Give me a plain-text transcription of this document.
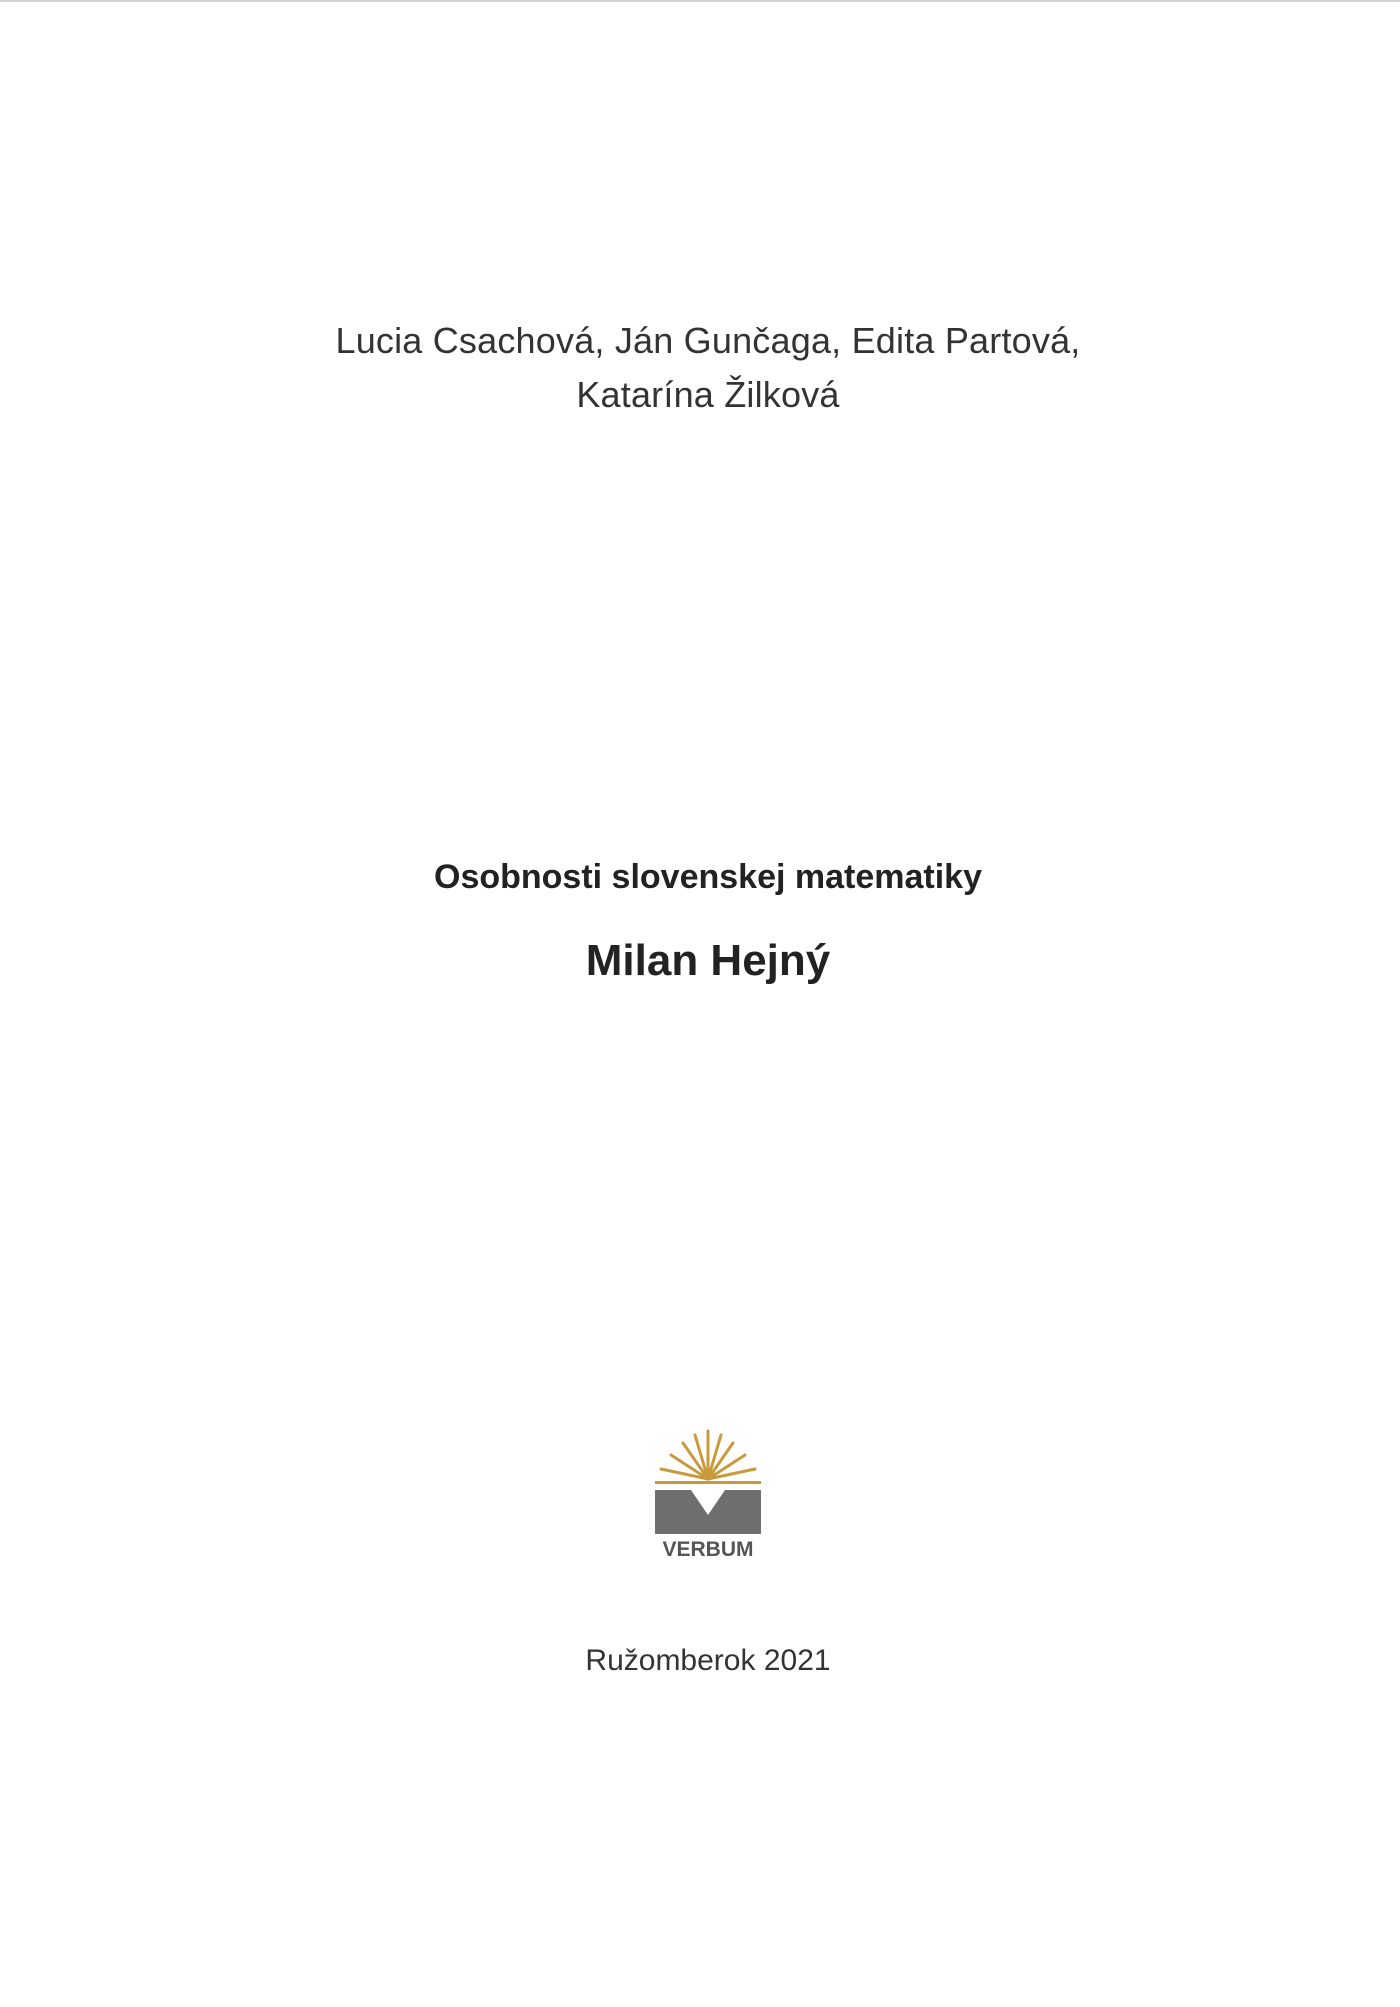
Lucia Csachová, Ján Gunčaga, Edita Partová,
Katarína Žilková
Osobnosti slovenskej matematiky
Milan Hejný
VERBUM
Ružomberok 2021
